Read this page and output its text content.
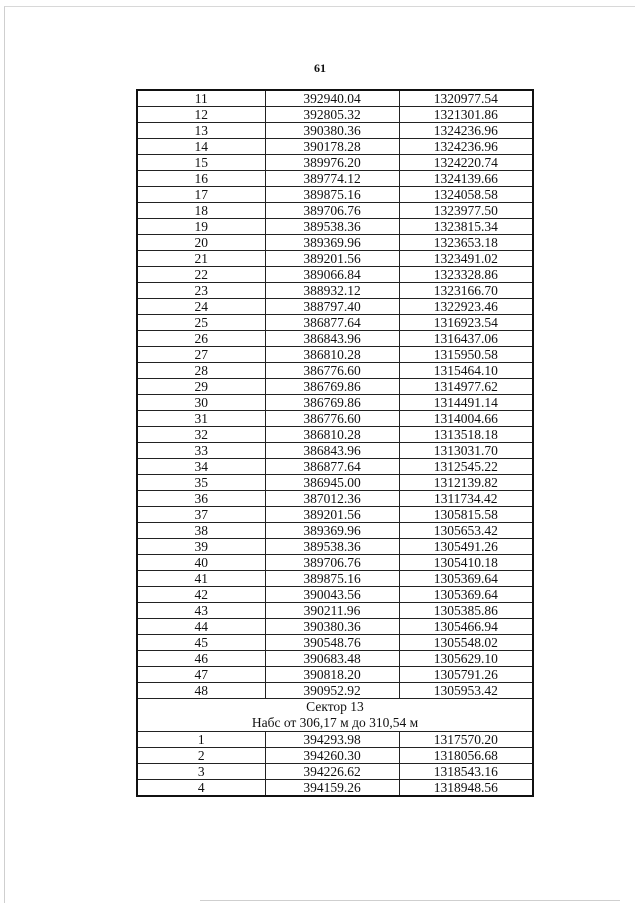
61
11	392940.04	1320977.54
12	392805.32	1321301.86
13	390380.36	1324236.96
14	390178.28	1324236.96
15	389976.20	1324220.74
16	389774.12	1324139.66
17	389875.16	1324058.58
18	389706.76	1323977.50
19	389538.36	1323815.34
20	389369.96	1323653.18
21	389201.56	1323491.02
22	389066.84	1323328.86
23	388932.12	1323166.70
24	388797.40	1322923.46
25	386877.64	1316923.54
26	386843.96	1316437.06
27	386810.28	1315950.58
28	386776.60	1315464.10
29	386769.86	1314977.62
30	386769.86	1314491.14
31	386776.60	1314004.66
32	386810.28	1313518.18
33	386843.96	1313031.70
34	386877.64	1312545.22
35	386945.00	1312139.82
36	387012.36	1311734.42
37	389201.56	1305815.58
38	389369.96	1305653.42
39	389538.36	1305491.26
40	389706.76	1305410.18
41	389875.16	1305369.64
42	390043.56	1305369.64
43	390211.96	1305385.86
44	390380.36	1305466.94
45	390548.76	1305548.02
46	390683.48	1305629.10
47	390818.20	1305791.26
48	390952.92	1305953.42

Сектор 13
Набс от 306,17 м до 310,54 м		

1	394293.98	1317570.20
2	394260.30	1318056.68
3	394226.62	1318543.16
4	394159.26	1318948.56
